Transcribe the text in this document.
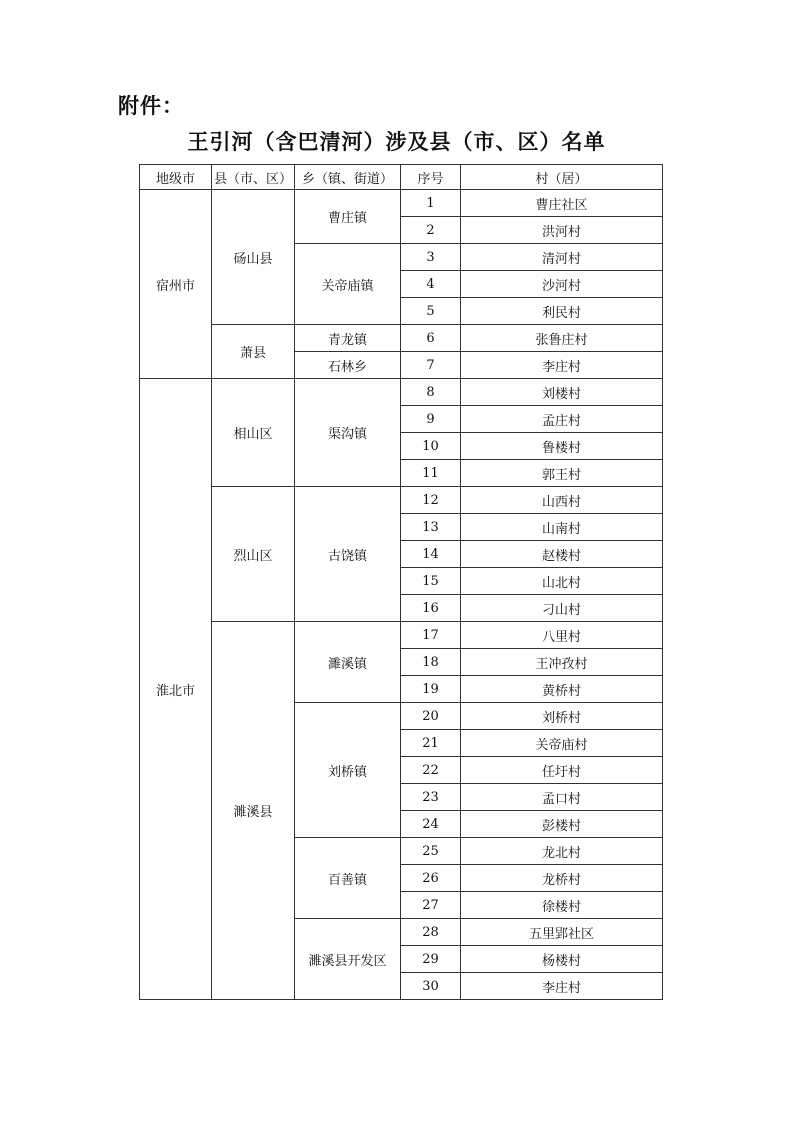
附件：
王引河（含巴清河）涉及县（市、区）名单
地级市	县（市、区）	乡（镇、街道）	序号	村（居）
宿州市	砀山县	曹庄镇	1	曹庄社区
			2	洪河村
		关帝庙镇	3	清河村
			4	沙河村
			5	利民村
	萧县	青龙镇	6	张鲁庄村
		石林乡	7	李庄村
淮北市	相山区	渠沟镇	8	刘楼村
			9	孟庄村
			10	鲁楼村
			11	郭王村
	烈山区	古饶镇	12	山西村
			13	山南村
			14	赵楼村
			15	山北村
			16	刁山村
	濉溪县	濉溪镇	17	八里村
			18	王冲孜村
			19	黄桥村
		刘桥镇	20	刘桥村
			21	关帝庙村
			22	任圩村
			23	孟口村
			24	彭楼村
		百善镇	25	龙北村
			26	龙桥村
			27	徐楼村
		濉溪县开发区	28	五里郢社区
			29	杨楼村
			30	李庄村
